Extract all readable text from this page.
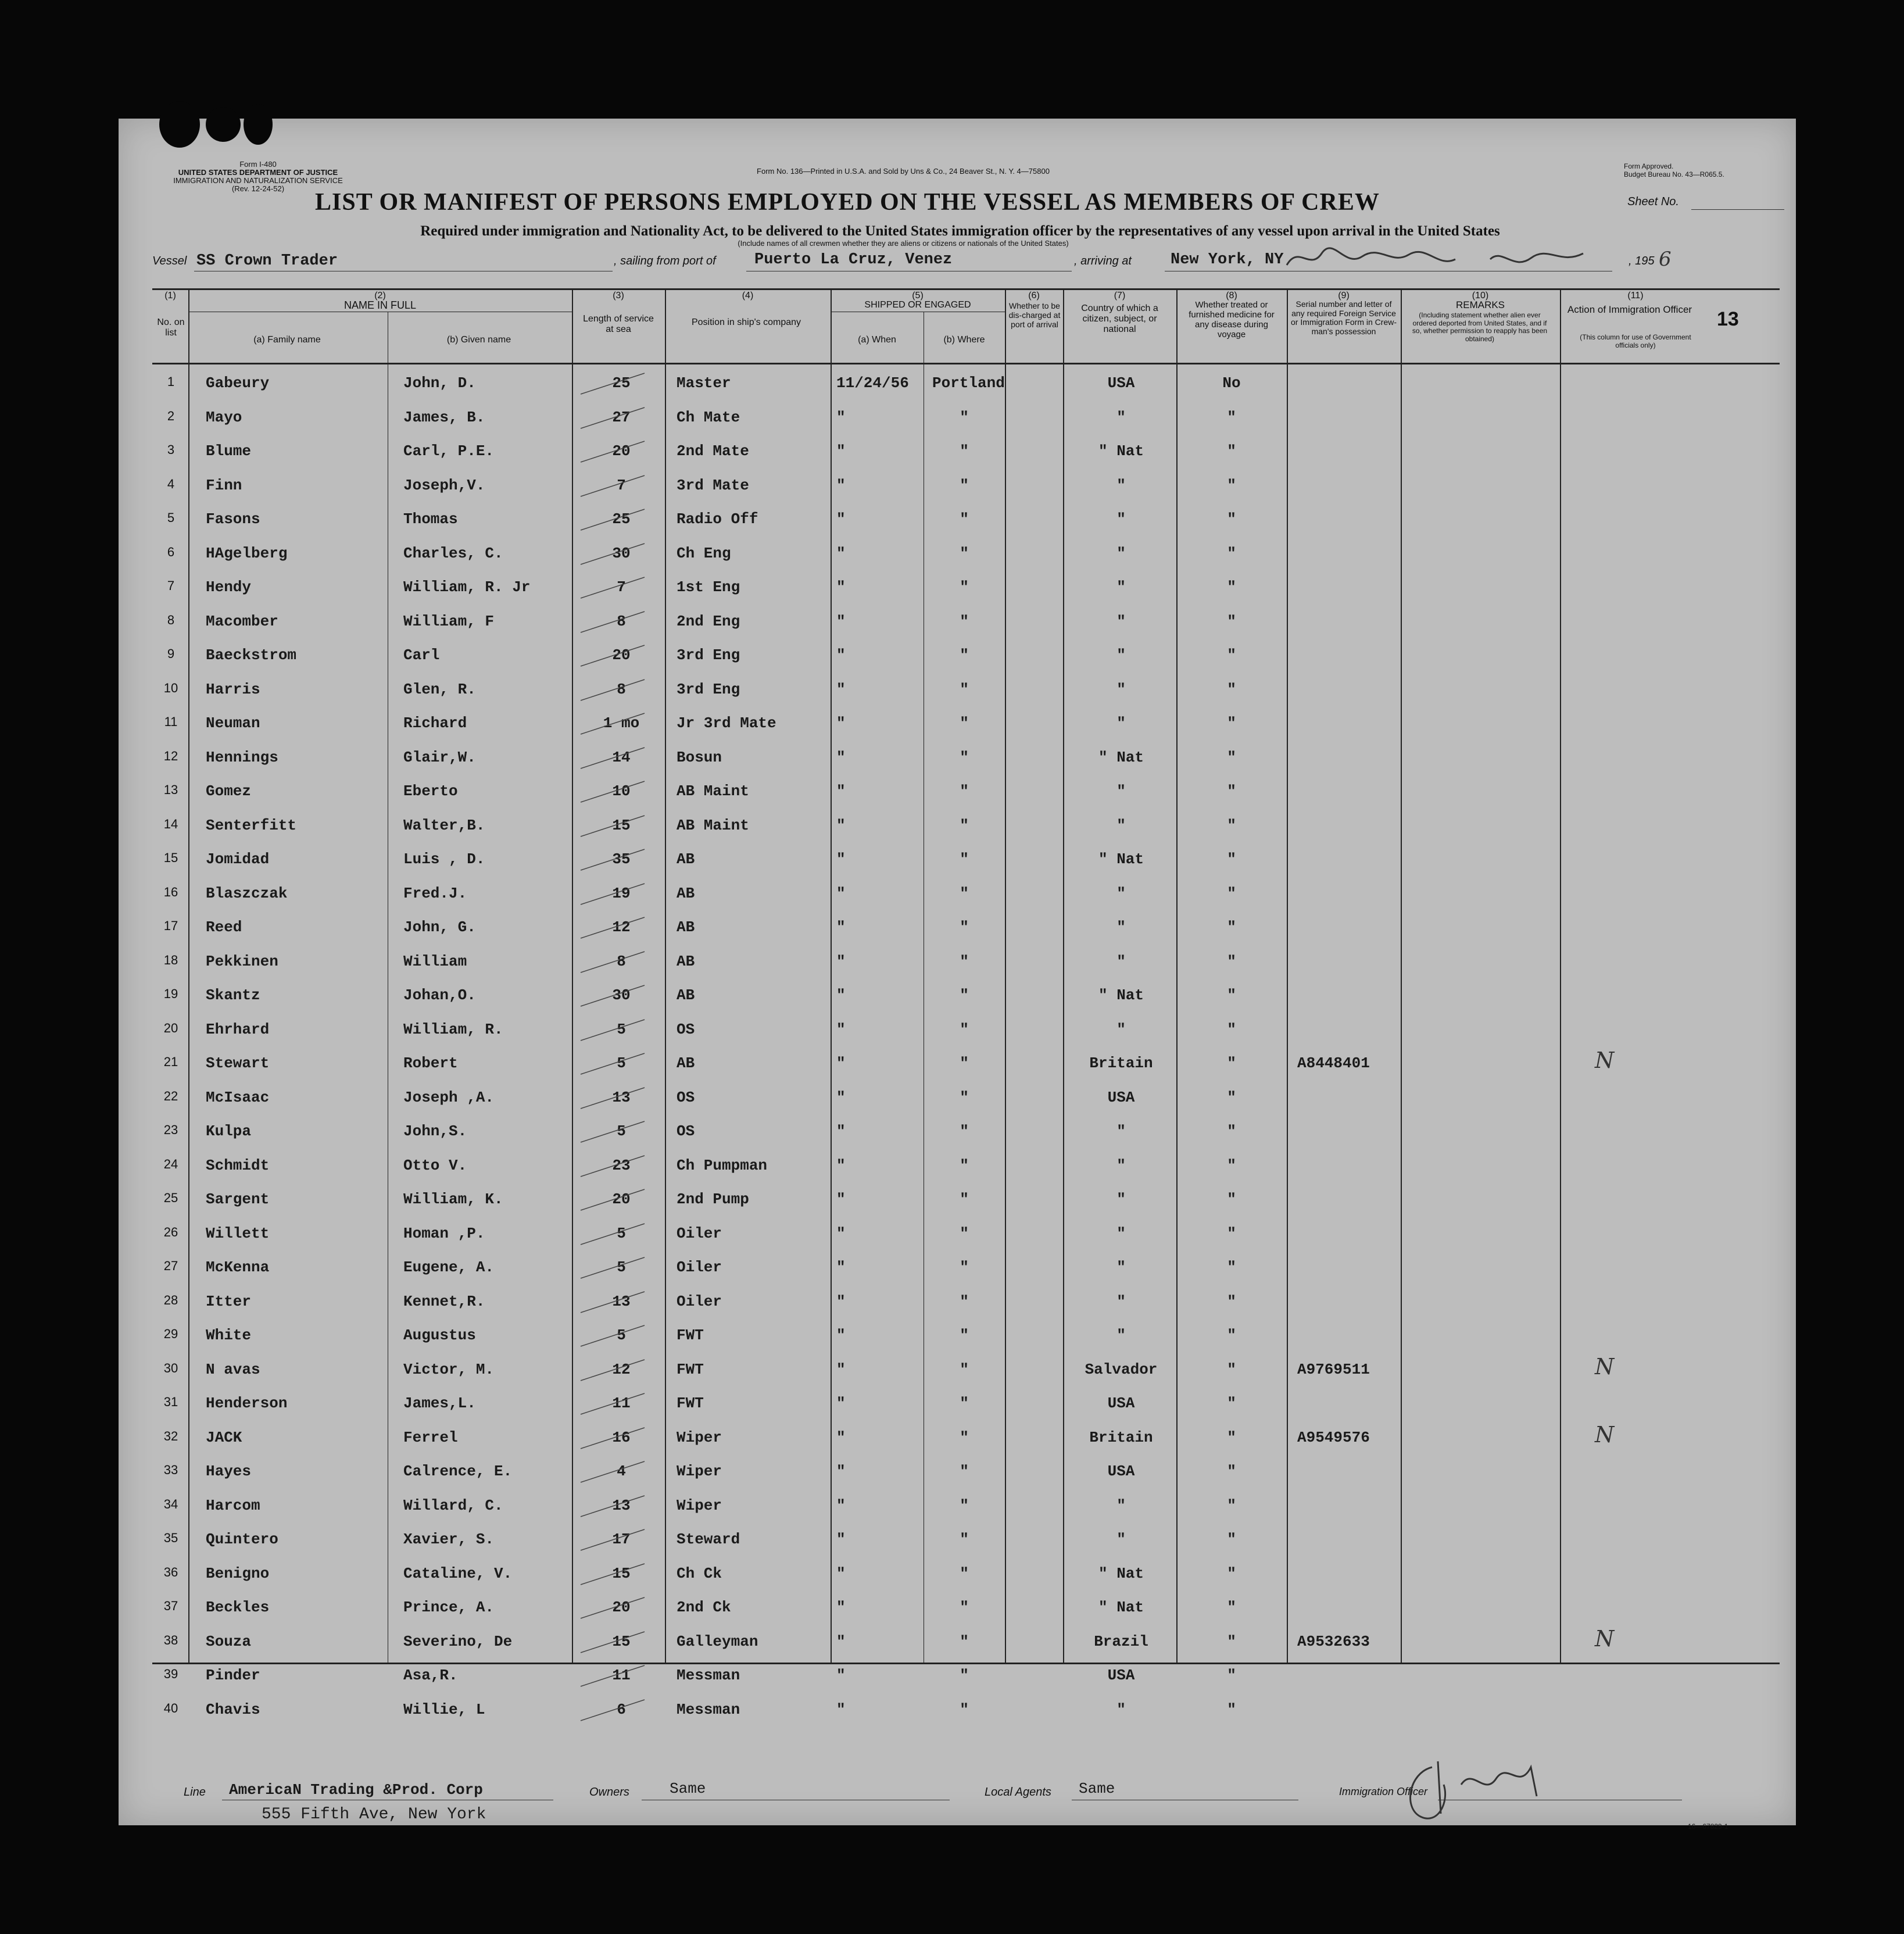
Form I-480
UNITED STATES DEPARTMENT OF JUSTICE
IMMIGRATION AND NATURALIZATION SERVICE
(Rev. 12-24-52)
Form No. 136—Printed in U.S.A. and Sold by Uns & Co., 24 Beaver St., N. Y. 4—75800
Form Approved.
Budget Bureau No. 43—R065.5.
LIST OR MANIFEST OF PERSONS EMPLOYED ON THE VESSEL AS MEMBERS OF CREW	Sheet No.
Required under immigration and Nationality Act, to be delivered to the United States immigration officer by the representatives of any vessel upon arrival in the United States
(Include names of all crewmen whether they are aliens or citizens or nationals of the United States)
Vessel SS Crown Trader	, sailing from port of Puerto La Cruz, Venez	, arriving at New York, NY	, 195 6
(1)
No. on list
(2)
NAME IN FULL
(a) Family name	(b) Given name
(3)
Length of service at sea
(4)
Position in ship's company
(5)
SHIPPED OR ENGAGED
(a) When	(b) Where
(6)
Whether to be dis-charged at port of arrival
(7)
Country of which a citizen, subject, or national
(8)
Whether treated or furnished medicine for any disease during voyage
(9)
Serial number and letter of any required Foreign Service or Immigration Form in Crew-man's possession
(10)
REMARKS
(Including statement whether alien ever ordered deported from United States, and if so, whether permission to reapply has been obtained)
(11)
Action of Immigration Officer
(This column for use of Government officials only)
13
1	Gabeury	John, D.	25	Master	11/24/56 Portland	USA	No
2	Mayo	James, B.	27	Ch Mate	"	"	"	"
3	Blume	Carl, P.E.	20	2nd Mate	"	"	" Nat	"
4	Finn	Joseph,V.	7	3rd Mate	"	"	"	"
5	Fasons	Thomas	25	Radio Off	"	"	"	"
6	HAgelberg	Charles, C.	30	Ch Eng	"	"	"	"
7	Hendy	William, R. Jr	7	1st Eng	"	"	"	"
8	Macomber	William, F	8	2nd Eng	"	"	"	"
9	Baeckstrom	Carl	20	3rd Eng	"	"	"	"
10	Harris	Glen, R.	8	3rd Eng	"	"	"	"
11	Neuman	Richard	1 mo	Jr 3rd Mate	"	"	"	"
12	Hennings	Glair,W.	14	Bosun	"	"	" Nat	"
13	Gomez	Eberto	10	AB Maint	"	"	"	"
14	Senterfitt	Walter,B.	15	AB Maint	"	"	"	"
15	Jomidad	Luis , D.	35	AB	"	"	" Nat	"
16	Blaszczak	Fred.J.	19	AB	"	"	"	"
17	Reed	John, G.	12	AB	"	"	"	"
18	Pekkinen	William	8	AB	"	"	"	"
19	Skantz	Johan,O.	30	AB	"	"	" Nat	"
20	Ehrhard	William, R.	5	OS	"	"	"	"
21	Stewart	Robert	5	AB	"	"	Britain	"	A8448401	N
22	McIsaac	Joseph ,A.	13	OS	"	"	USA	"
23	Kulpa	John,S.	5	OS	"	"	"	"
24	Schmidt	Otto V.	23	Ch Pumpman	"	"	"	"
25	Sargent	William, K.	20	2nd Pump	"	"	"	"
26	Willett	Homan ,P.	5	Oiler	"	"	"	"
27	McKenna	Eugene, A.	5	Oiler	"	"	"	"
28	Itter	Kennet,R.	13	Oiler	"	"	"	"
29	White	Augustus	5	FWT	"	"	"	"
30	N avas	Victor, M.	12	FWT	"	"	Salvador	"	A9769511	N
31	Henderson	James,L.	11	FWT	"	"	USA	"
32	JACK	Ferrel	16	Wiper	"	"	Britain	"	A9549576	N
33	Hayes	Calrence, E.	4	Wiper	"	"	USA	"
34	Harcom	Willard, C.	13	Wiper	"	"	"	"
35	Quintero	Xavier, S.	17	Steward	"	"	"	"
36	Benigno	Cataline, V.	15	Ch Ck	"	"	" Nat	"
37	Beckles	Prince, A.	20	2nd Ck	"	"	" Nat	"
38	Souza	Severino, De	15	Galleyman	"	"	Brazil	"	A9532633	N
39	Pinder	Asa,R.	11	Messman	"	"	USA	"
40	Chavis	Willie, L	6	Messman	"	"	"	"
Line AmericaN Trading &Prod. Corp
555 Fifth Ave, New York
Owners	Same	Local Agents Same	Immigration Officer
16—67829-1
